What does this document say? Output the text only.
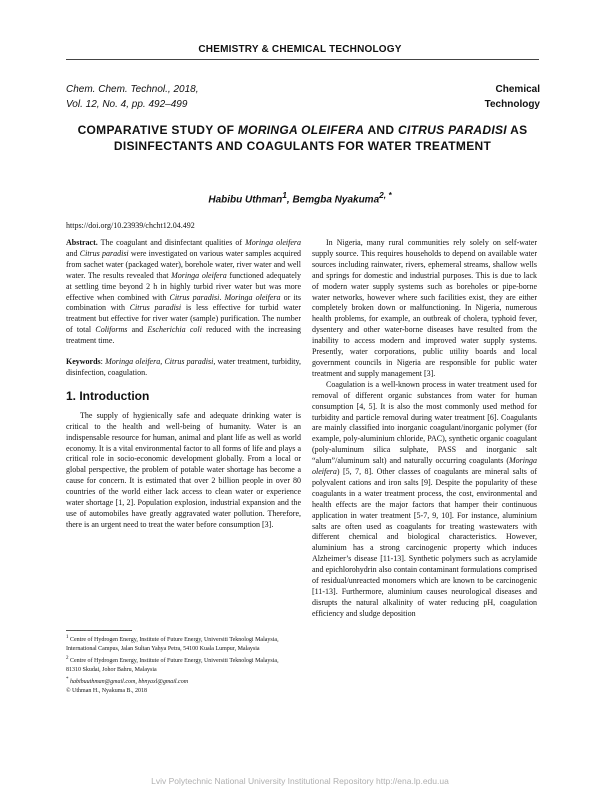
CHEMISTRY & CHEMICAL TECHNOLOGY
Chem. Chem. Technol., 2018,
Vol. 12, No. 4, pp. 492–499
Chemical
Technology
COMPARATIVE STUDY OF MORINGA OLEIFERA AND CITRUS PARADISI AS DISINFECTANTS AND COAGULANTS FOR WATER TREATMENT
Habibu Uthman$^1$, Bemgba Nyakuma$^{2, *}$
https://doi.org/10.23939/chcht12.04.492

Abstract. The coagulant and disinfectant qualities of Moringa oleifera and Citrus paradisi were investigated on various water samples acquired from sachet water (packaged water), borehole water, river water and well water. The results revealed that Moringa oleifera functioned adequately at settling time beyond 2 h in highly turbid river water but was more effective when combined with Citrus paradisi. Moringa oleifera or its combination with Citrus paradisi is less effective for turbid water treatment but effective for river water (sample) purification. The number of total Coliforms and Escherichia coli reduced with the increasing treatment time.

Keywords: Moringa oleifera, Citrus paradisi, water treatment, turbidity, disinfection, coagulation.

1. Introduction

The supply of hygienically safe and adequate drinking water is critical to the health and well-being of humanity. Water is an indispensable resource for human, animal and plant life as well as world economy. It is a vital environmental factor to all forms of life and plays a critical role in socio-economic development globally. From a local or global perspective, the problem of potable water shortage has become a cause for concern. It is estimated that over 2 billion people in over 80 countries of the world either lack access to clean water or experience water shortage [1, 2]. Population explosion, industrial expansion and the use of automobiles have greatly aggravated water pollution. Therefore, there is an urgent need to treat the water before consumption [3].

$^1$ Centre of Hydrogen Energy, Institute of Future Energy, Universiti Teknologi Malaysia,

International Campus, Jalan Sultan Yahya Petra, 54100 Kuala Lumpur, Malaysia

$^2$ Centre of Hydrogen Energy, Institute of Future Energy, Universiti Teknologi Malaysia,

81310 Skudai, Johor Bahru, Malaysia

* habibuuthman@gmail.com, bbnyaxl@gmail.com

© Uthman H., Nyakuma B., 2018

In Nigeria, many rural communities rely solely on self-water supply source. This requires households to depend on available water sources including rainwater, rivers, ephemeral streams, shallow wells and springs for domestic and industrial purposes. This is due to lack of modern water supply systems such as boreholes or pipe-borne water networks, however where such facilities exist, they are either completely broken down or malfunctioning. In Nigeria, numerous health problems, for example, an outbreak of cholera, typhoid fever, dysentery and other water-borne diseases have resulted from the inability to access modern and improved water supply systems. Presently, water corporations, public utility boards and local government councils in Nigeria are responsible for public water treatment and supply management [3].

Coagulation is a well-known process in water treatment used for removal of different organic substances from water for human consumption [4, 5]. It is also the most commonly used method for turbidity and particle removal during water treatment [6]. Coagulants are mainly classified into inorganic coagulant/inorganic polymer (for example, poly-aluminium chloride, PAC), synthetic organic coagulant (poly-aluminum silica sulphate, PASS and inorganic salt “alum”/aluminum salt) and naturally occurring coagulants (Moringa oleifera) [5, 7, 8]. Other classes of coagulants are mineral salts of polyvalent cations and iron salts [9]. Despite the popularity of these coagulants in a water treatment process, the cost, environmental and health effects are the major factors that hamper their continuous application in water treatment [5-7, 9, 10]. For instance, aluminium salts are often used as coagulants for treating wastewaters with different chemical and biological characteristics. However, aluminium has a strong carcinogenic property which induces Alzheimer’s disease [11-13]. Synthetic polymers such as acrylamide and epichlorohydrin also contain contaminant formulations comprised of residual/unreacted monomers which are known to be carcinogenic [11-13]. Furthermore, aluminium causes neurological diseases and disrupts the natural alkalinity of water reducing pH, coagulation efficiency and sludge deposition

Lviv Polytechnic National University Institutional Repository http://ena.lp.edu.ua
